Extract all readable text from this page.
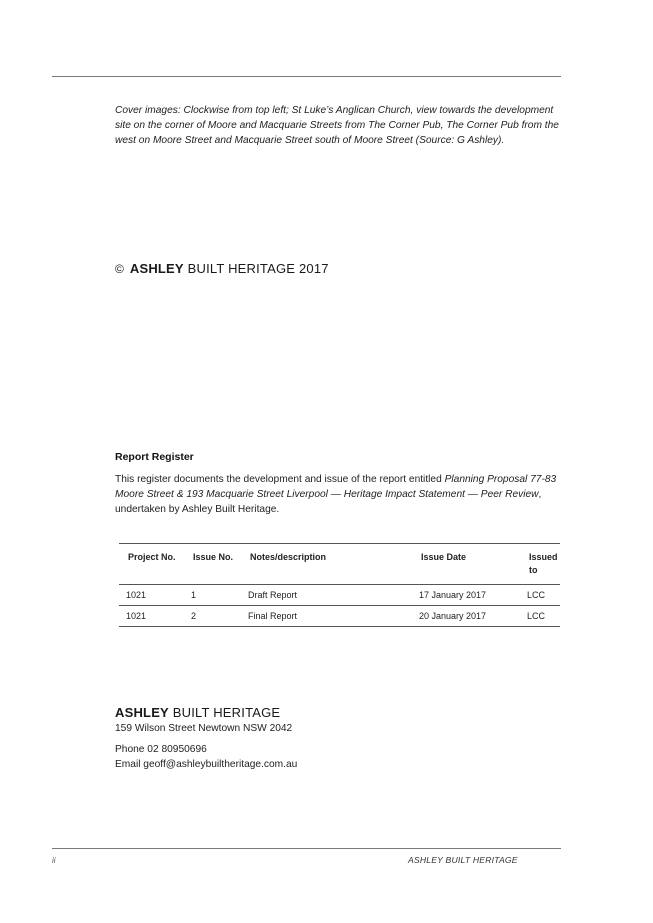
Cover images: Clockwise from top left; St Luke’s Anglican Church, view towards the development site on the corner of Moore and Macquarie Streets from The Corner Pub, The Corner Pub from the west on Moore Street and Macquarie Street south of Moore Street (Source: G Ashley).
© ASHLEY BUILT HERITAGE 2017
Report Register
This register documents the development and issue of the report entitled Planning Proposal 77-83 Moore Street & 193 Macquarie Street Liverpool — Heritage Impact Statement — Peer Review, undertaken by Ashley Built Heritage.
Project No.	Issue No.	Notes/description	Issue Date	Issued to
1021	1	Draft Report	17 January 2017	LCC
1021	2	Final Report	20 January 2017	LCC
ASHLEY BUILT HERITAGE
159 Wilson Street Newtown NSW 2042
Phone 02 80950696
Email geoff@ashleybuiltheritage.com.au
ii	ASHLEY BUILT HERITAGE
